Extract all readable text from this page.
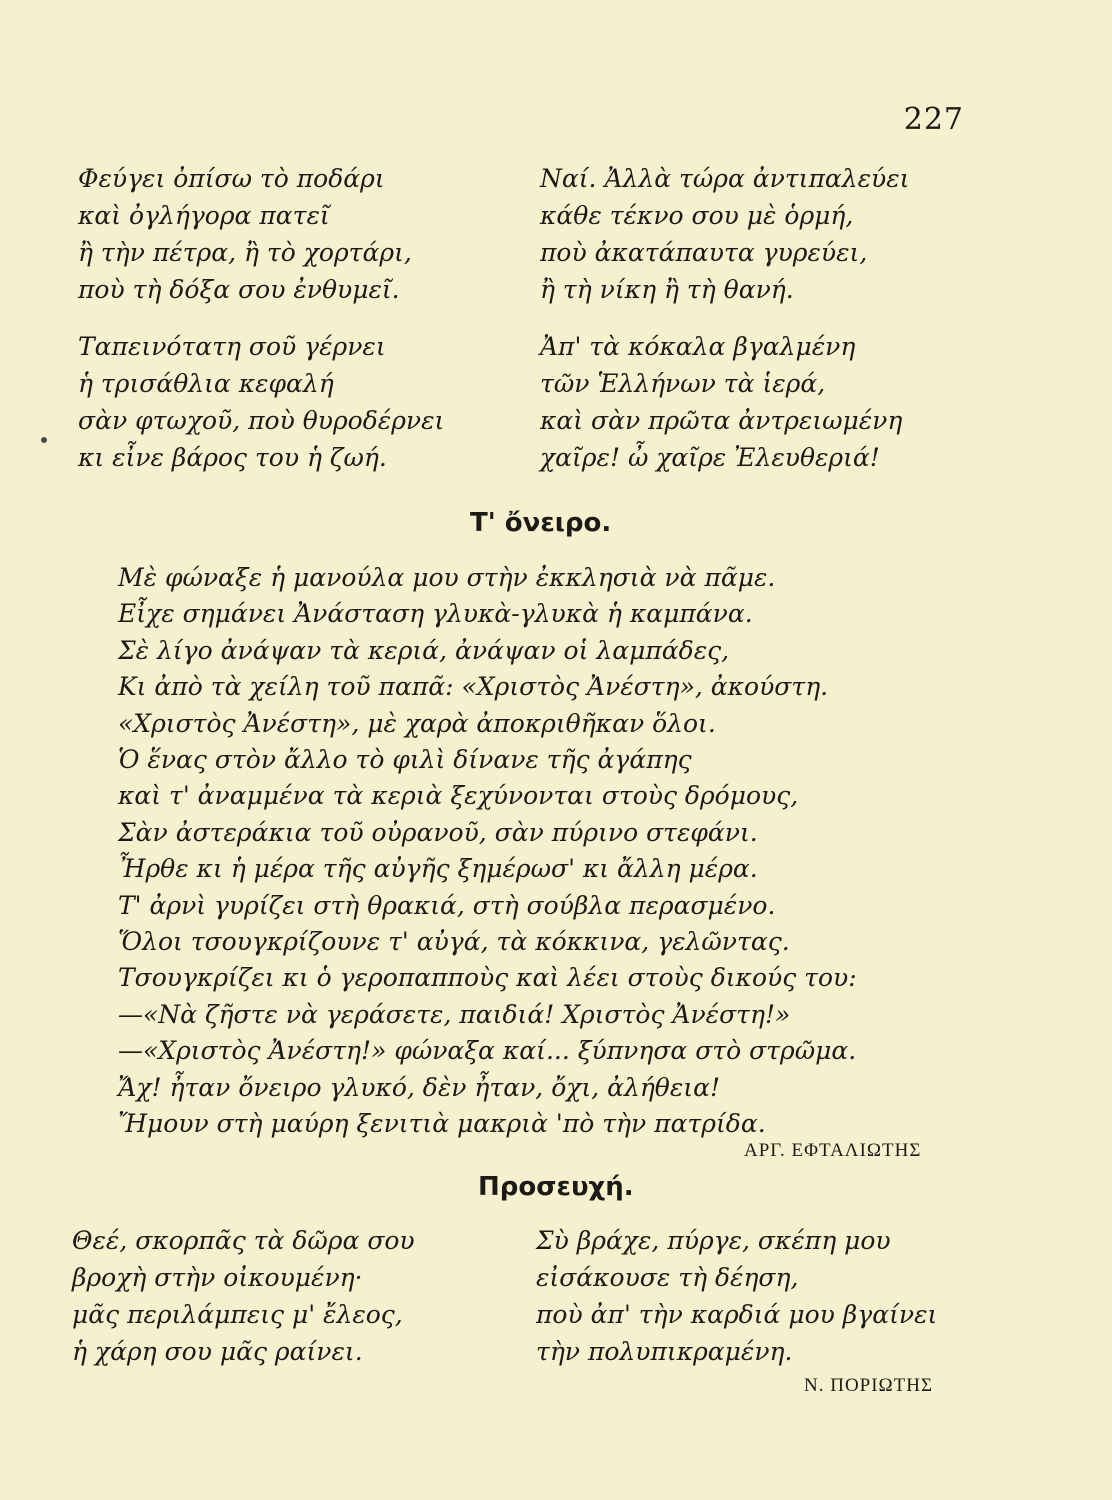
227
Φεύγει ὀπίσω τὸ ποδάρι
καὶ ὀγλήγορα πατεῖ
ἢ τὴν πέτρα, ἢ τὸ χορτάρι,
ποὺ τὴ δόξα σου ἐνθυμεῖ.
Ταπεινότατη σοῦ γέρνει
ἡ τρισάθλια κεφαλή
σὰν φτωχοῦ, ποὺ θυροδέρνει
κι εἶνε βάρος του ἡ ζωή.
Ναί. Ἀλλὰ τώρα ἀντιπαλεύει
κάθε τέκνο σου μὲ ὁρμή,
ποὺ ἀκατάπαυτα γυρεύει,
ἢ τὴ νίκη ἢ τὴ θανή.
Ἀπ' τὰ κόκαλα βγαλμένη
τῶν Ἑλλήνων τὰ ἱερά,
καὶ σὰν πρῶτα ἀντρειωμένη
χαῖρε! ὦ χαῖρε Ἐλευθεριά!
Τ' ὄνειρο.
Μὲ φώναξε ἡ μανούλα μου στὴν ἐκκλησιὰ νὰ πᾶμε.
Εἶχε σημάνει Ἀνάσταση γλυκὰ-γλυκὰ ἡ καμπάνα.
Σὲ λίγο ἀνάψαν τὰ κεριά, ἀνάψαν οἱ λαμπάδες,
Κι ἀπὸ τὰ χείλη τοῦ παπᾶ: «Χριστὸς Ἀνέστη», ἀκούστη.
«Χριστὸς Ἀνέστη», μὲ χαρὰ ἀποκριθῆκαν ὅλοι.
Ὁ ἕνας στὸν ἄλλο τὸ φιλὶ δίνανε τῆς ἀγάπης
καὶ τ' ἀναμμένα τὰ κεριὰ ξεχύνονται στοὺς δρόμους,
Σὰν ἀστεράκια τοῦ οὐρανοῦ, σὰν πύρινο στεφάνι.
Ἦρθε κι ἡ μέρα τῆς αὐγῆς ξημέρωσ' κι ἄλλη μέρα.
Τ' ἀρνὶ γυρίζει στὴ θρακιά, στὴ σούβλα περασμένο.
Ὅλοι τσουγκρίζουνε τ' αὐγά, τὰ κόκκινα, γελῶντας.
Τσουγκρίζει κι ὁ γεροπαπποὺς καὶ λέει στοὺς δικούς του:
—«Νὰ ζῆστε νὰ γεράσετε, παιδιά! Χριστὸς Ἀνέστη!»
—«Χριστὸς Ἀνέστη!» φώναξα καί... ξύπνησα στὸ στρῶμα.
Ἄχ! ἦταν ὄνειρο γλυκό, δὲν ἦταν, ὄχι, ἀλήθεια!
Ἤμουν στὴ μαύρη ξενιτιὰ μακριὰ 'πὸ τὴν πατρίδα.
ΑΡΓ. ΕΦΤΑΛΙΩΤΗΣ
Προσευχή.
Θεέ, σκορπᾶς τὰ δῶρα σου
βροχὴ στὴν οἰκουμένη·
μᾶς περιλάμπεις μ' ἔλεος,
ἡ χάρη σου μᾶς ραίνει.
Σὺ βράχε, πύργε, σκέπη μου
εἰσάκουσε τὴ δέηση,
ποὺ ἀπ' τὴν καρδιά μου βγαίνει
τὴν πολυπικραμένη.
Ν. ΠΟΡΙΩΤΗΣ
